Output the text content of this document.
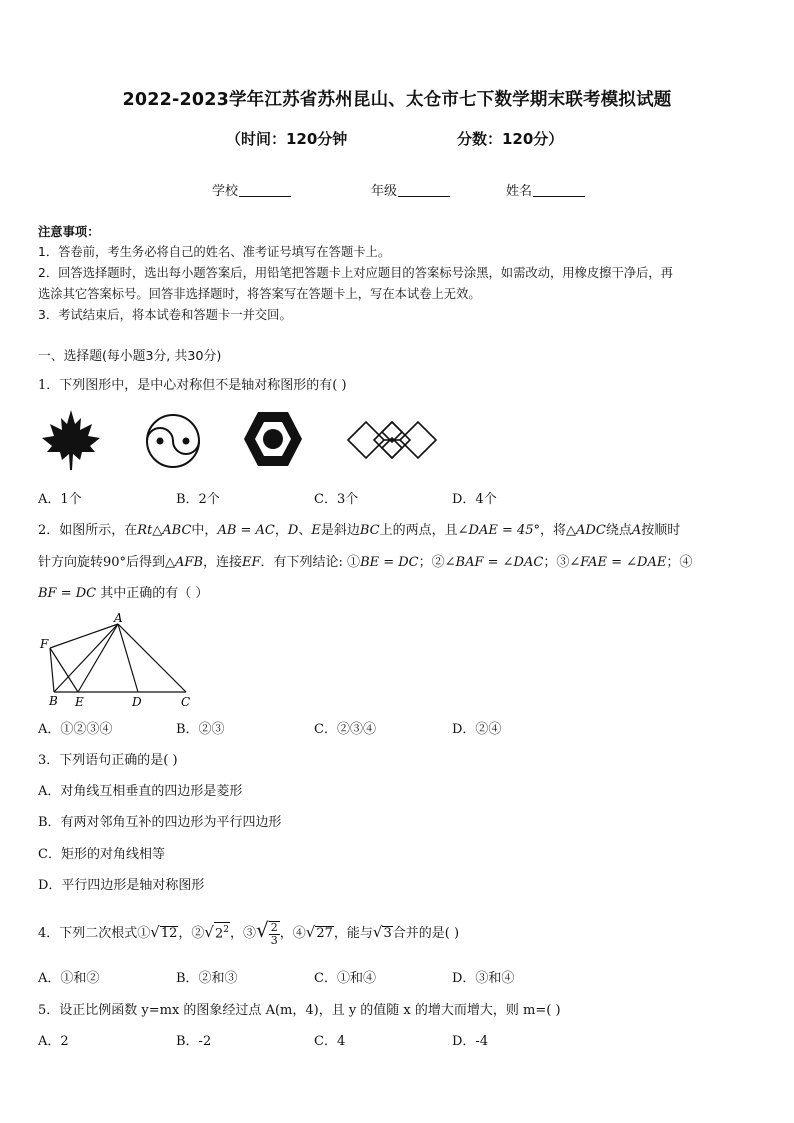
2022-2023学年江苏省苏州昆山、太仓市七下数学期末联考模拟试题
（时间：120分钟	分数：120分）
学校	年级	姓名
注意事项：
1．答卷前，考生务必将自己的姓名、准考证号填写在答题卡上。
2．回答选择题时，选出每小题答案后，用铅笔把答题卡上对应题目的答案标号涂黑，如需改动，用橡皮擦干净后，再
选涂其它答案标号。回答非选择题时，将答案写在答题卡上，写在本试卷上无效。
3．考试结束后，将本试卷和答题卡一并交回。
一、选择题(每小题3分, 共30分)
1．下列图形中，是中心对称但不是轴对称图形的有( )
A．1个	B．2个	C．3个	D．4个
2．如图所示，在Rt△ABC中，AB = AC，D、E是斜边BC上的两点，且∠DAE = 45°，将△ADC绕点A按顺时
针方向旋转90°后得到△AFB，连接EF．有下列结论: ①BE = DC；②∠BAF = ∠DAC；③∠FAE = ∠DAE；④
BF = DC 其中正确的有（ ）
A
F
B E	D	C
A．①②③④	B．②③	C．②③④	D．②④
3．下列语句正确的是( )
A．对角线互相垂直的四边形是菱形
B．有两对邻角互补的四边形为平行四边形
C．矩形的对角线相等
D．平行四边形是轴对称图形
4．下列二次根式①√12，$②√2^2$，③√ $\frac{2}{3}$ ，④√27，能与√3合并的是( )
A．①和②	B．②和③	C．①和④	D．③和④
5．设正比例函数 y=mx 的图象经过点 A(m，4)，且 y 的值随 x 的增大而增大，则 m=( )
A．2	B．-2	C．4	D．-4
